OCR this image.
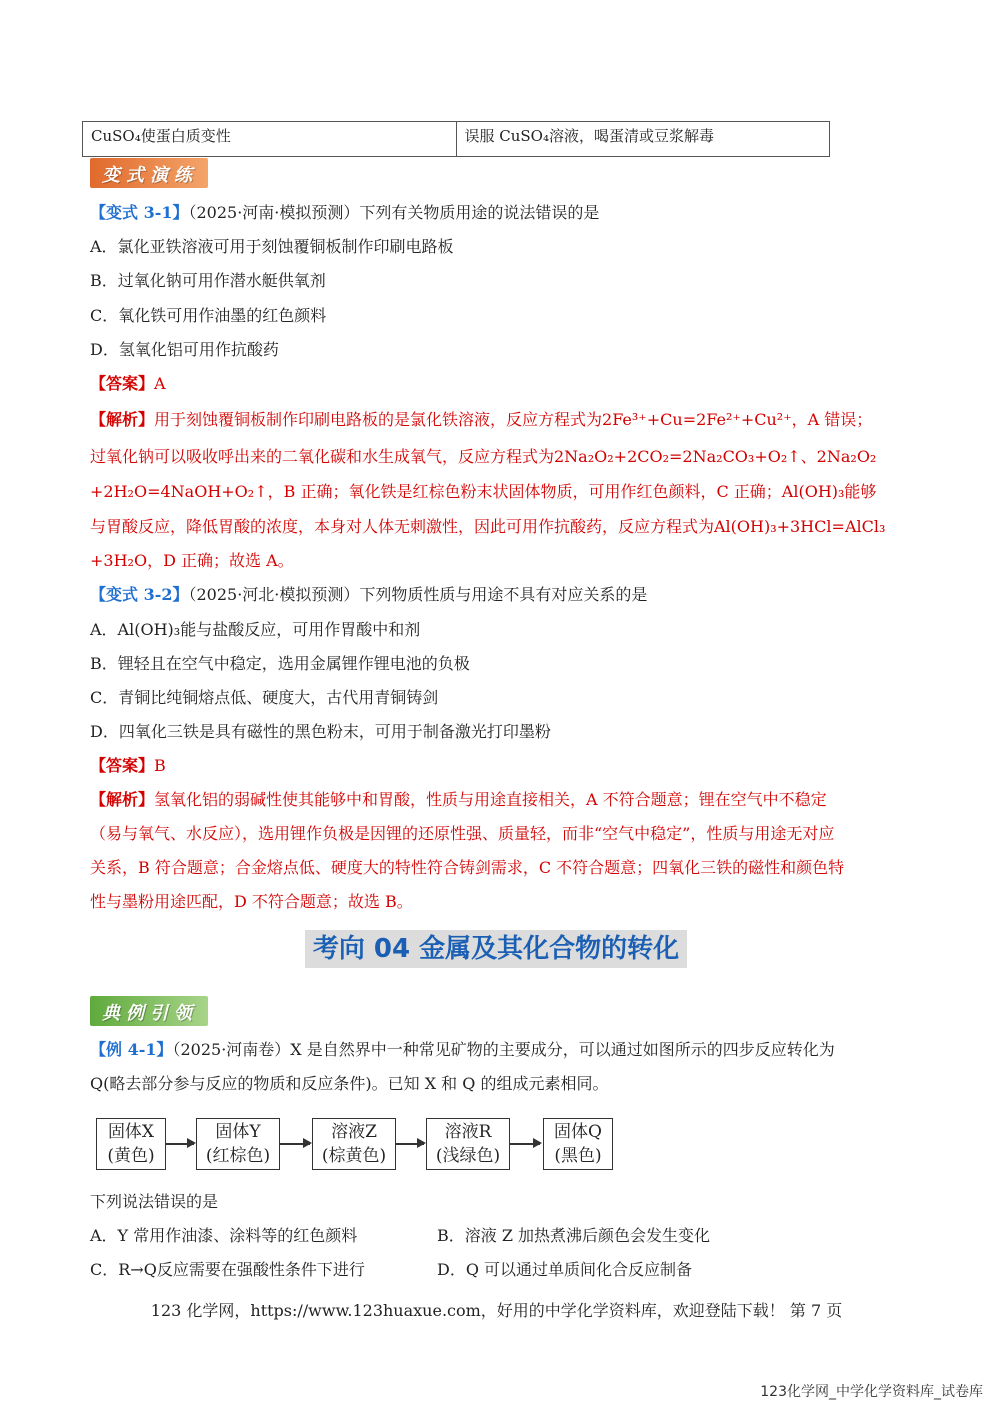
CuSO₄使蛋白质变性	误服 CuSO₄溶液，喝蛋清或豆浆解毒
变式演练
【变式 3-1】（2025·河南·模拟预测）下列有关物质用途的说法错误的是
A．氯化亚铁溶液可用于刻蚀覆铜板制作印刷电路板
B．过氧化钠可用作潜水艇供氧剂
C．氧化铁可用作油墨的红色颜料
D．氢氧化铝可用作抗酸药
【答案】A
【解析】用于刻蚀覆铜板制作印刷电路板的是氯化铁溶液，反应方程式为2Fe³⁺+Cu=2Fe²⁺+Cu²⁺，A 错误；
过氧化钠可以吸收呼出来的二氧化碳和水生成氧气，反应方程式为2Na₂O₂+2CO₂=2Na₂CO₃+O₂↑、2Na₂O₂
+2H₂O=4NaOH+O₂↑，B 正确；氧化铁是红棕色粉末状固体物质，可用作红色颜料，C 正确；Al(OH)₃能够
与胃酸反应，降低胃酸的浓度，本身对人体无刺激性，因此可用作抗酸药，反应方程式为Al(OH)₃+3HCl=AlCl₃
+3H₂O，D 正确；故选 A。
【变式 3-2】（2025·河北·模拟预测）下列物质性质与用途不具有对应关系的是
A．Al(OH)₃能与盐酸反应，可用作胃酸中和剂
B．锂轻且在空气中稳定，选用金属锂作锂电池的负极
C．青铜比纯铜熔点低、硬度大，古代用青铜铸剑
D．四氧化三铁是具有磁性的黑色粉末，可用于制备激光打印墨粉
【答案】B
【解析】氢氧化铝的弱碱性使其能够中和胃酸，性质与用途直接相关，A 不符合题意；锂在空气中不稳定
（易与氧气、水反应），选用锂作负极是因锂的还原性强、质量轻，而非“空气中稳定”，性质与用途无对应
关系，B 符合题意；合金熔点低、硬度大的特性符合铸剑需求，C 不符合题意；四氧化三铁的磁性和颜色特
性与墨粉用途匹配，D 不符合题意；故选 B。
考向 04 金属及其化合物的转化
典例引领
【例 4-1】（2025·河南卷）X 是自然界中一种常见矿物的主要成分，可以通过如图所示的四步反应转化为
Q(略去部分参与反应的物质和反应条件)。已知 X 和 Q 的组成元素相同。
固体X
(黄色)
固体Y
(红棕色)
溶液Z
(棕黄色)
溶液R
(浅绿色)
固体Q
(黑色)
下列说法错误的是
A．Y 常用作油漆、涂料等的红色颜料	B．溶液 Z 加热煮沸后颜色会发生变化
C．R→Q反应需要在强酸性条件下进行	D．Q 可以通过单质间化合反应制备
123 化学网，https://www.123huaxue.com，好用的中学化学资料库，欢迎登陆下载！ 第 7 页
123化学网_中学化学资料库_试卷库
